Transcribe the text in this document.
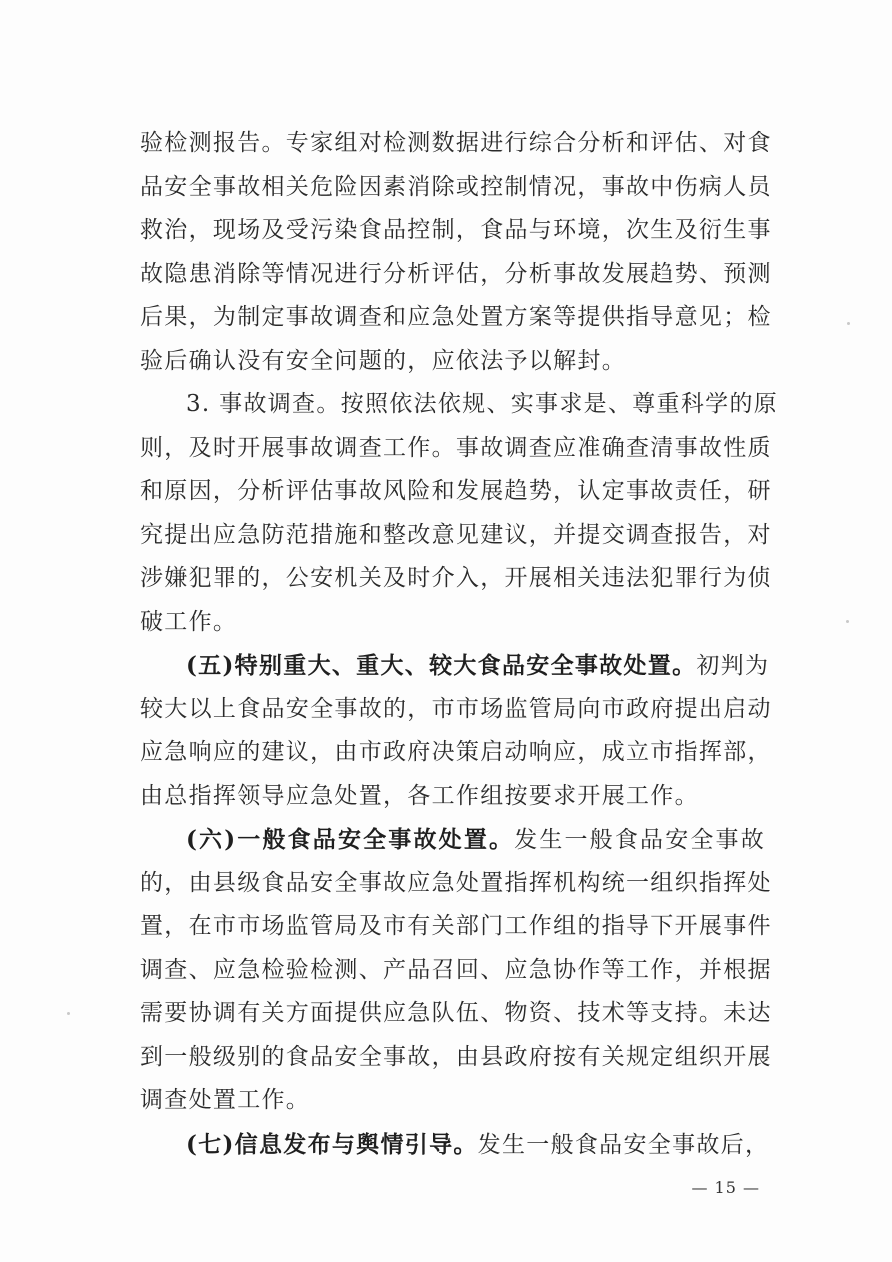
验检测报告。专家组对检测数据进行综合分析和评估、对食
品安全事故相关危险因素消除或控制情况，事故中伤病人员
救治，现场及受污染食品控制，食品与环境，次生及衍生事
故隐患消除等情况进行分析评估，分析事故发展趋势、预测
后果，为制定事故调查和应急处置方案等提供指导意见；检
验后确认没有安全问题的，应依法予以解封。
3. 事故调查。按照依法依规、实事求是、尊重科学的原
则，及时开展事故调查工作。事故调查应准确查清事故性质
和原因，分析评估事故风险和发展趋势，认定事故责任，研
究提出应急防范措施和整改意见建议，并提交调查报告，对
涉嫌犯罪的，公安机关及时介入，开展相关违法犯罪行为侦
破工作。
(五)特别重大、重大、较大食品安全事故处置。初判为
较大以上食品安全事故的，市市场监管局向市政府提出启动
应急响应的建议，由市政府决策启动响应，成立市指挥部，
由总指挥领导应急处置，各工作组按要求开展工作。
(六)一般食品安全事故处置。发生一般食品安全事故
的，由县级食品安全事故应急处置指挥机构统一组织指挥处
置，在市市场监管局及市有关部门工作组的指导下开展事件
调查、应急检验检测、产品召回、应急协作等工作，并根据
需要协调有关方面提供应急队伍、物资、技术等支持。未达
到一般级别的食品安全事故，由县政府按有关规定组织开展
调查处置工作。
(七)信息发布与舆情引导。发生一般食品安全事故后，
— 15 —
